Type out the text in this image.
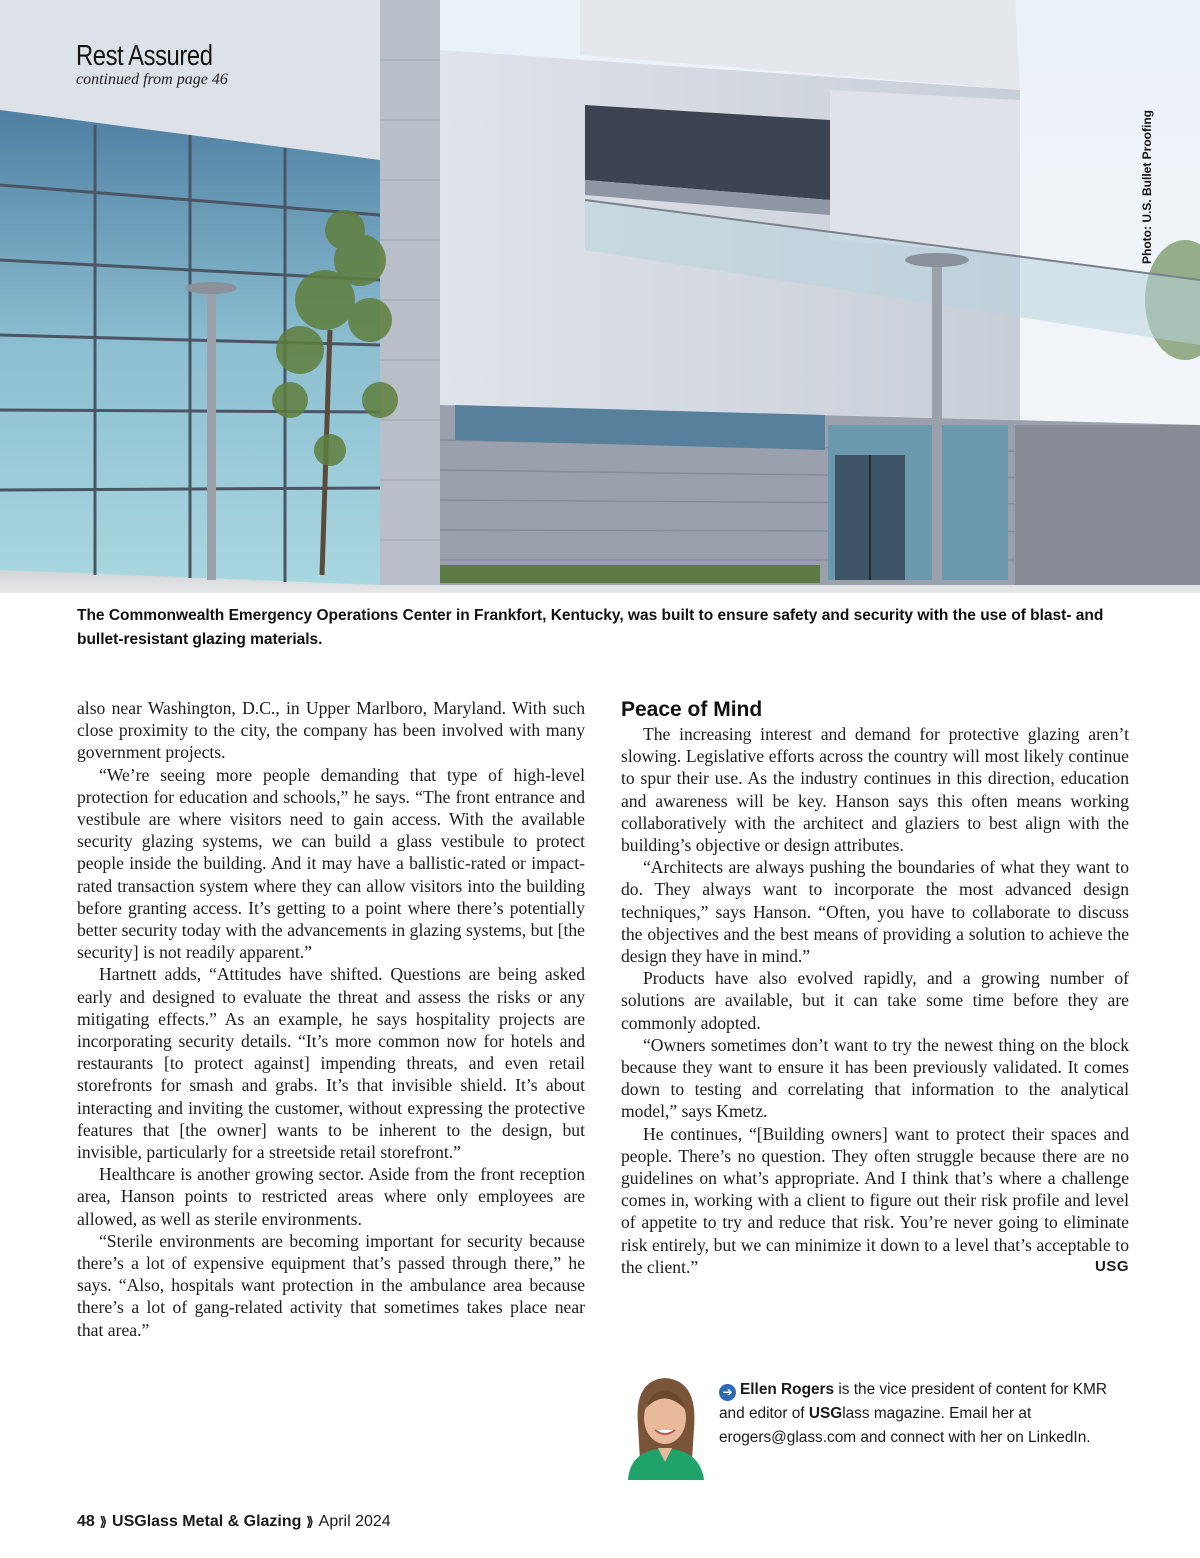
Rest Assured
continued from page 46
Photo: U.S. Bullet Proofing
The Commonwealth Emergency Operations Center in Frankfort, Kentucky, was built to ensure safety and security with the use of blast- and bullet-resistant glazing materials.

also near Washington, D.C., in Upper Marlboro, Maryland. With such close proximity to the city, the company has been involved with many government projects.

“We’re seeing more people demanding that type of high-level protection for education and schools,” he says. “The front entrance and vestibule are where visitors need to gain access. With the available security glazing systems, we can build a glass vestibule to protect people inside the building. And it may have a ballistic-rated or impact-rated transaction system where they can allow visitors into the building before granting access. It’s getting to a point where there’s potentially better security today with the advancements in glazing systems, but [the security] is not readily apparent.”

Hartnett adds, “Attitudes have shifted. Questions are being asked early and designed to evaluate the threat and assess the risks or any mitigating effects.” As an example, he says hospitality projects are incorporating security details. “It’s more common now for hotels and restaurants [to protect against] impending threats, and even retail storefronts for smash and grabs. It’s that invisible shield. It’s about interacting and inviting the customer, without expressing the protective features that [the owner] wants to be inherent to the design, but invisible, particularly for a streetside retail storefront.”

Healthcare is another growing sector. Aside from the front reception area, Hanson points to restricted areas where only employees are allowed, as well as sterile environments.

“Sterile environments are becoming important for security because there’s a lot of expensive equipment that’s passed through there,” he says. “Also, hospitals want protection in the ambulance area because there’s a lot of gang-related activity that sometimes takes place near that area.”

Peace of Mind

The increasing interest and demand for protective glazing aren’t slowing. Legislative efforts across the country will most likely continue to spur their use. As the industry continues in this direction, education and awareness will be key. Hanson says this often means working collaboratively with the architect and glaziers to best align with the building’s objective or design attributes.

“Architects are always pushing the boundaries of what they want to do. They always want to incorporate the most advanced design techniques,” says Hanson. “Often, you have to collaborate to discuss the objectives and the best means of providing a solution to achieve the design they have in mind.”

Products have also evolved rapidly, and a growing number of solutions are available, but it can take some time before they are commonly adopted.

“Owners sometimes don’t want to try the newest thing on the block because they want to ensure it has been previously validated. It comes down to testing and correlating that information to the analytical model,” says Kmetz.

He continues, “[Building owners] want to protect their spaces and people. There’s no question. They often struggle because there are no guidelines on what’s appropriate. And I think that’s where a challenge comes in, working with a client to figure out their risk profile and level of appetite to try and reduce that risk. You’re never going to eliminate risk entirely, but we can minimize it down to a level that’s acceptable to the client.”	USG

➔ Ellen Rogers is the vice president of content for KMR and editor of USGlass magazine. Email her at erogers@glass.com and connect with her on LinkedIn.
48 ⟫ USGlass Metal & Glazing ⟫ April 2024
